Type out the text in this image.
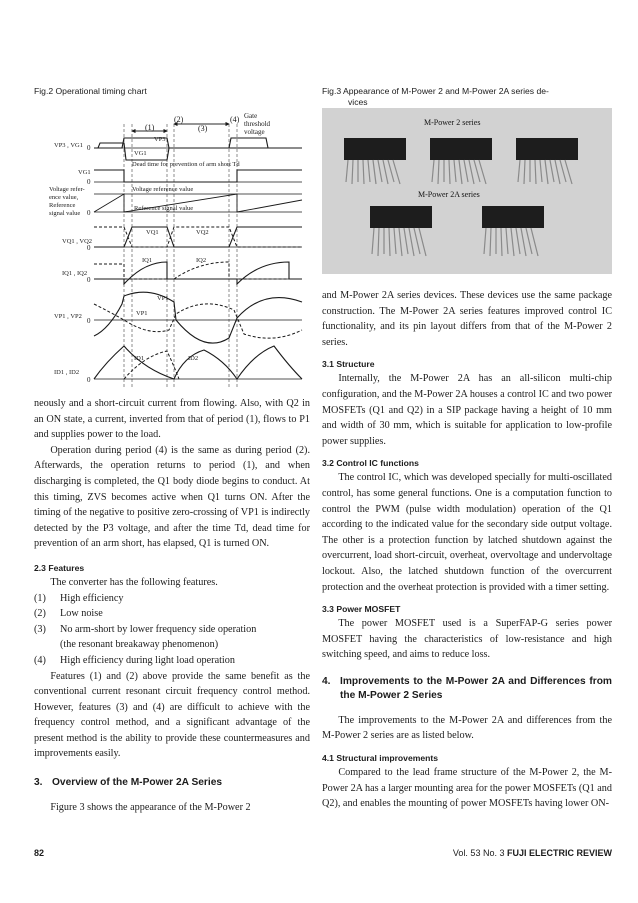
Fig.2 Operational timing chart
(2)	(4)
(1)	(3)
Gate
threshold
voltage
VP3 , VG1 0
VP3
VG1
Dead time for prevention of arm short Td
VG1
0
Voltage refer-
ence value,
Reference
signal value 0
Voltage reference value
Reference signal value
VQ1 , VQ2
0
VQ1	VQ2
IQ1 , IQ2
0
IQ1	IQ2
VP1 , VP2
0
VP1
VP1
ID1 , ID2
0
ID1	ID2
Fig.3 Appearance of M-Power 2 and M-Power 2A series de-
vices
M-Power 2 series
M-Power 2A series

neously and a short-circuit current from flowing. Also, with Q2 in an ON state, a current, inverted from that of period (1), flows to P1 and supplies power to the load.

Operation during period (4) is the same as during period (2). Afterwards, the operation returns to period (1), and when discharging is completed, the Q1 body diode begins to conduct. At this timing, ZVS becomes active when Q1 turns ON. After the timing of the negative to positive zero-crossing of VP1 is indirectly detected by the P3 voltage, and after the time Td, dead time for prevention of an arm short, has elapsed, Q1 is turned ON.

2.3 Features

The converter has the following features.

(1)	High efficiency
(2)	Low noise
(3)	No arm-short by lower frequency side operation
(the resonant breakaway phenomenon)
(4)	High efficiency during light load operation

Features (1) and (2) above provide the same benefit as the conventional current resonant circuit frequency control method. However, features (3) and (4) are difficult to achieve with the frequency control method, and a significant advantage of the present method is the ability to provide these countermeasures and improvements easily.

3. Overview of the M-Power 2A Series

Figure 3 shows the appearance of the M-Power 2

and M-Power 2A series devices. These devices use the same package construction. The M-Power 2A series features improved control IC functionality, and its pin layout differs from that of the M-Power 2 series.

3.1 Structure

Internally, the M-Power 2A has an all-silicon multi-chip configuration, and the M-Power 2A houses a control IC and two power MOSFETs (Q1 and Q2) in a SIP package having a height of 10 mm and width of 30 mm, which is suitable for application to low-profile power supplies.

3.2 Control IC functions

The control IC, which was developed specially for multi-oscillated control, has some general functions. One is a computation function to control the PWM (pulse width modulation) operation of the Q1 according to the indicated value for the secondary side output voltage. The other is a protection function by latched shutdown against the overcurrent, load short-circuit, overheat, overvoltage and undervoltage lockout. Also, the latched shutdown function of the overcurrent protection and the overheat protection is provided with a timer setting.

3.3 Power MOSFET

The power MOSFET used is a SuperFAP-G series power MOSFET having the characteristics of low-resistance and high switching speed, and aims to reduce loss.

4. Improvements to the M-Power 2A and Differences from the M-Power 2 Series

The improvements to the M-Power 2A and differences from the M-Power 2 series are as listed below.

4.1 Structural improvements

Compared to the lead frame structure of the M-Power 2, the M-Power 2A has a larger mounting area for the power MOSFETs (Q1 and Q2), and enables the mounting of power MOSFETs having lower ON-

82	Vol. 53 No. 3 FUJI ELECTRIC REVIEW
